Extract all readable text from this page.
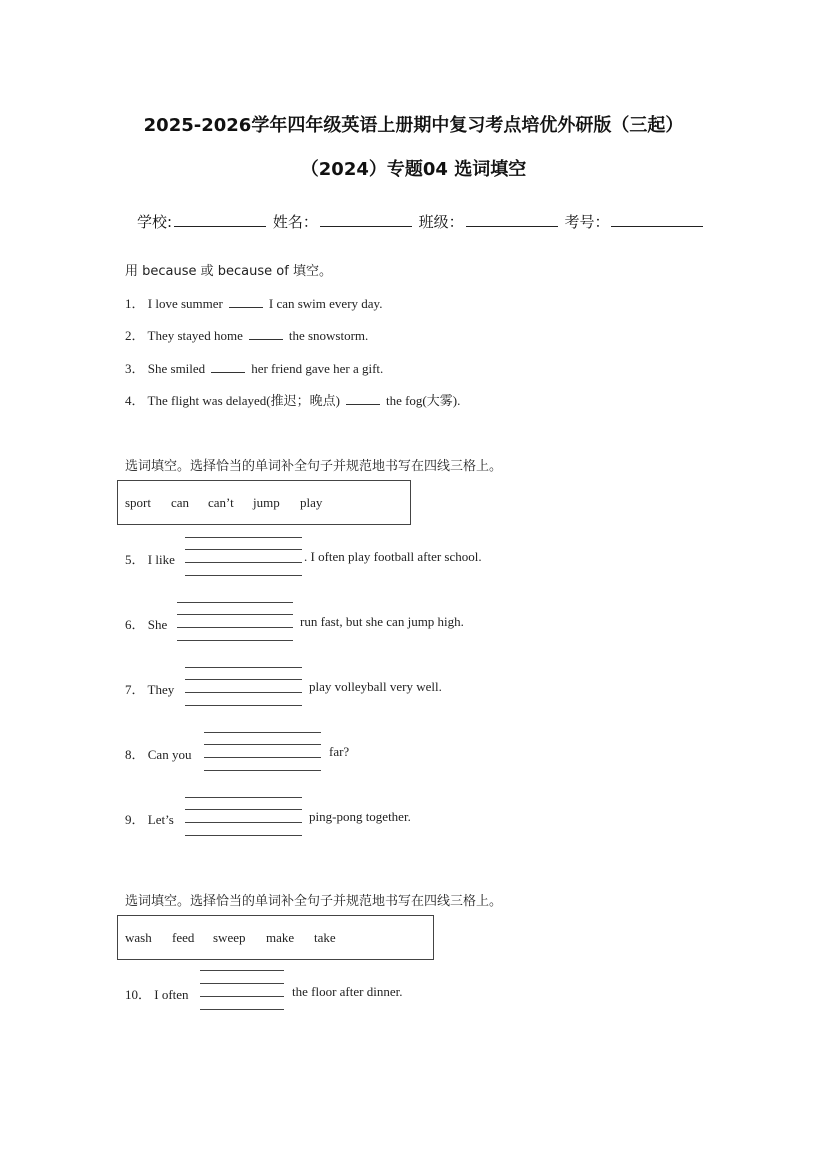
2025-2026学年四年级英语上册期中复习考点培优外研版（三起）
（2024）专题04 选词填空
学校:	姓名：	班级：	考号：
用 because 或 because of 填空。
1． I love summer	I can swim every day.
2． They stayed home	the snowstorm.
3． She smiled	her friend gave her a gift.
4． The flight was delayed(推迟；晚点)	the fog(大雾).
选词填空。选择恰当的单词补全句子并规范地书写在四线三格上。
sport can can’t jump play
5． I like	. I often play football after school.
6． She	run fast, but she can jump high.
7． They	play volleyball very well.
8． Can you	far?
9． Let’s	ping-pong together.
选词填空。选择恰当的单词补全句子并规范地书写在四线三格上。
wash feed sweep make take
10． I often	the floor after dinner.
